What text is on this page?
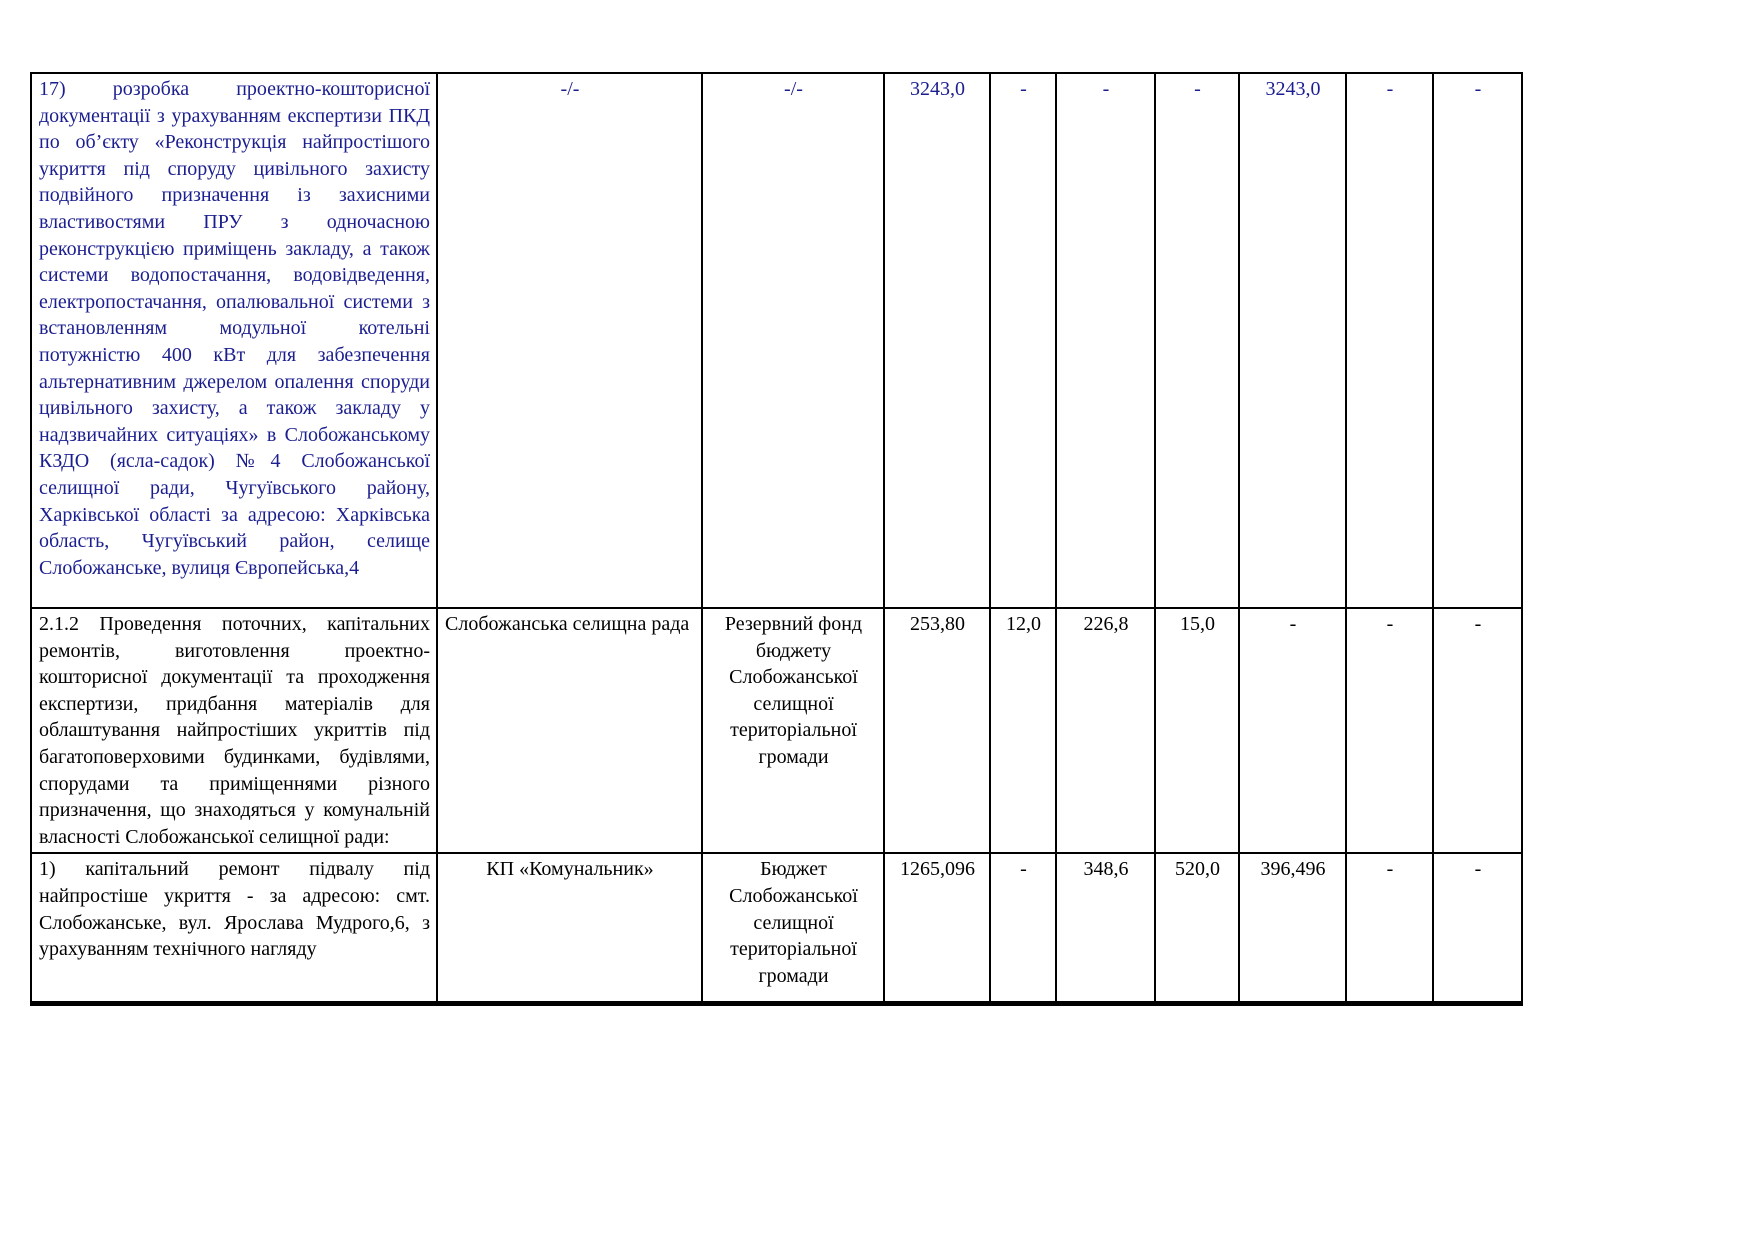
17) розробка проектно-кошторисної документації з урахуванням експертизи ПКД по об’єкту «Реконструкція найпростішого укриття під споруду цивільного захисту подвійного призначення із захисними властивостями ПРУ з одночасною реконструкцією приміщень закладу, а також системи водопостачання, водовідведення, електропостачання, опалювальної системи з встановленням модульної котельні потужністю 400 кВт для забезпечення альтернативним джерелом опалення споруди цивільного захисту, а також закладу у надзвичайних ситуаціях» в Слобожанському КЗДО (ясла-садок) №4 Слобожанської селищної ради, Чугуївського району, Харківської області за адресою: Харківська область, Чугуївський район, селище Слобожанське, вулиця Європейська,4	-/-	-/-	3243,0	-	-	-	3243,0	-	-
2.1.2 Проведення поточних, капітальних ремонтів, виготовлення проектно-кошторисної документації та проходження експертизи, придбання матеріалів для облаштування найпростіших укриттів під багатоповерховими будинками, будівлями, спорудами та приміщеннями різного призначення, що знаходяться у комунальній власності Слобожанської селищної ради:	Слобожанська селищна рада	Резервний фонд бюджету Слобожанської селищної територіальної громади	253,80	12,0	226,8	15,0	-	-	-
1) капітальний ремонт підвалу під найпростіше укриття - за адресою: смт. Слобожанське, вул. Ярослава Мудрого,6, з урахуванням технічного нагляду	КП «Комунальник»	Бюджет Слобожанської селищної територіальної громади	1265,096	-	348,6	520,0	396,496	-	-
